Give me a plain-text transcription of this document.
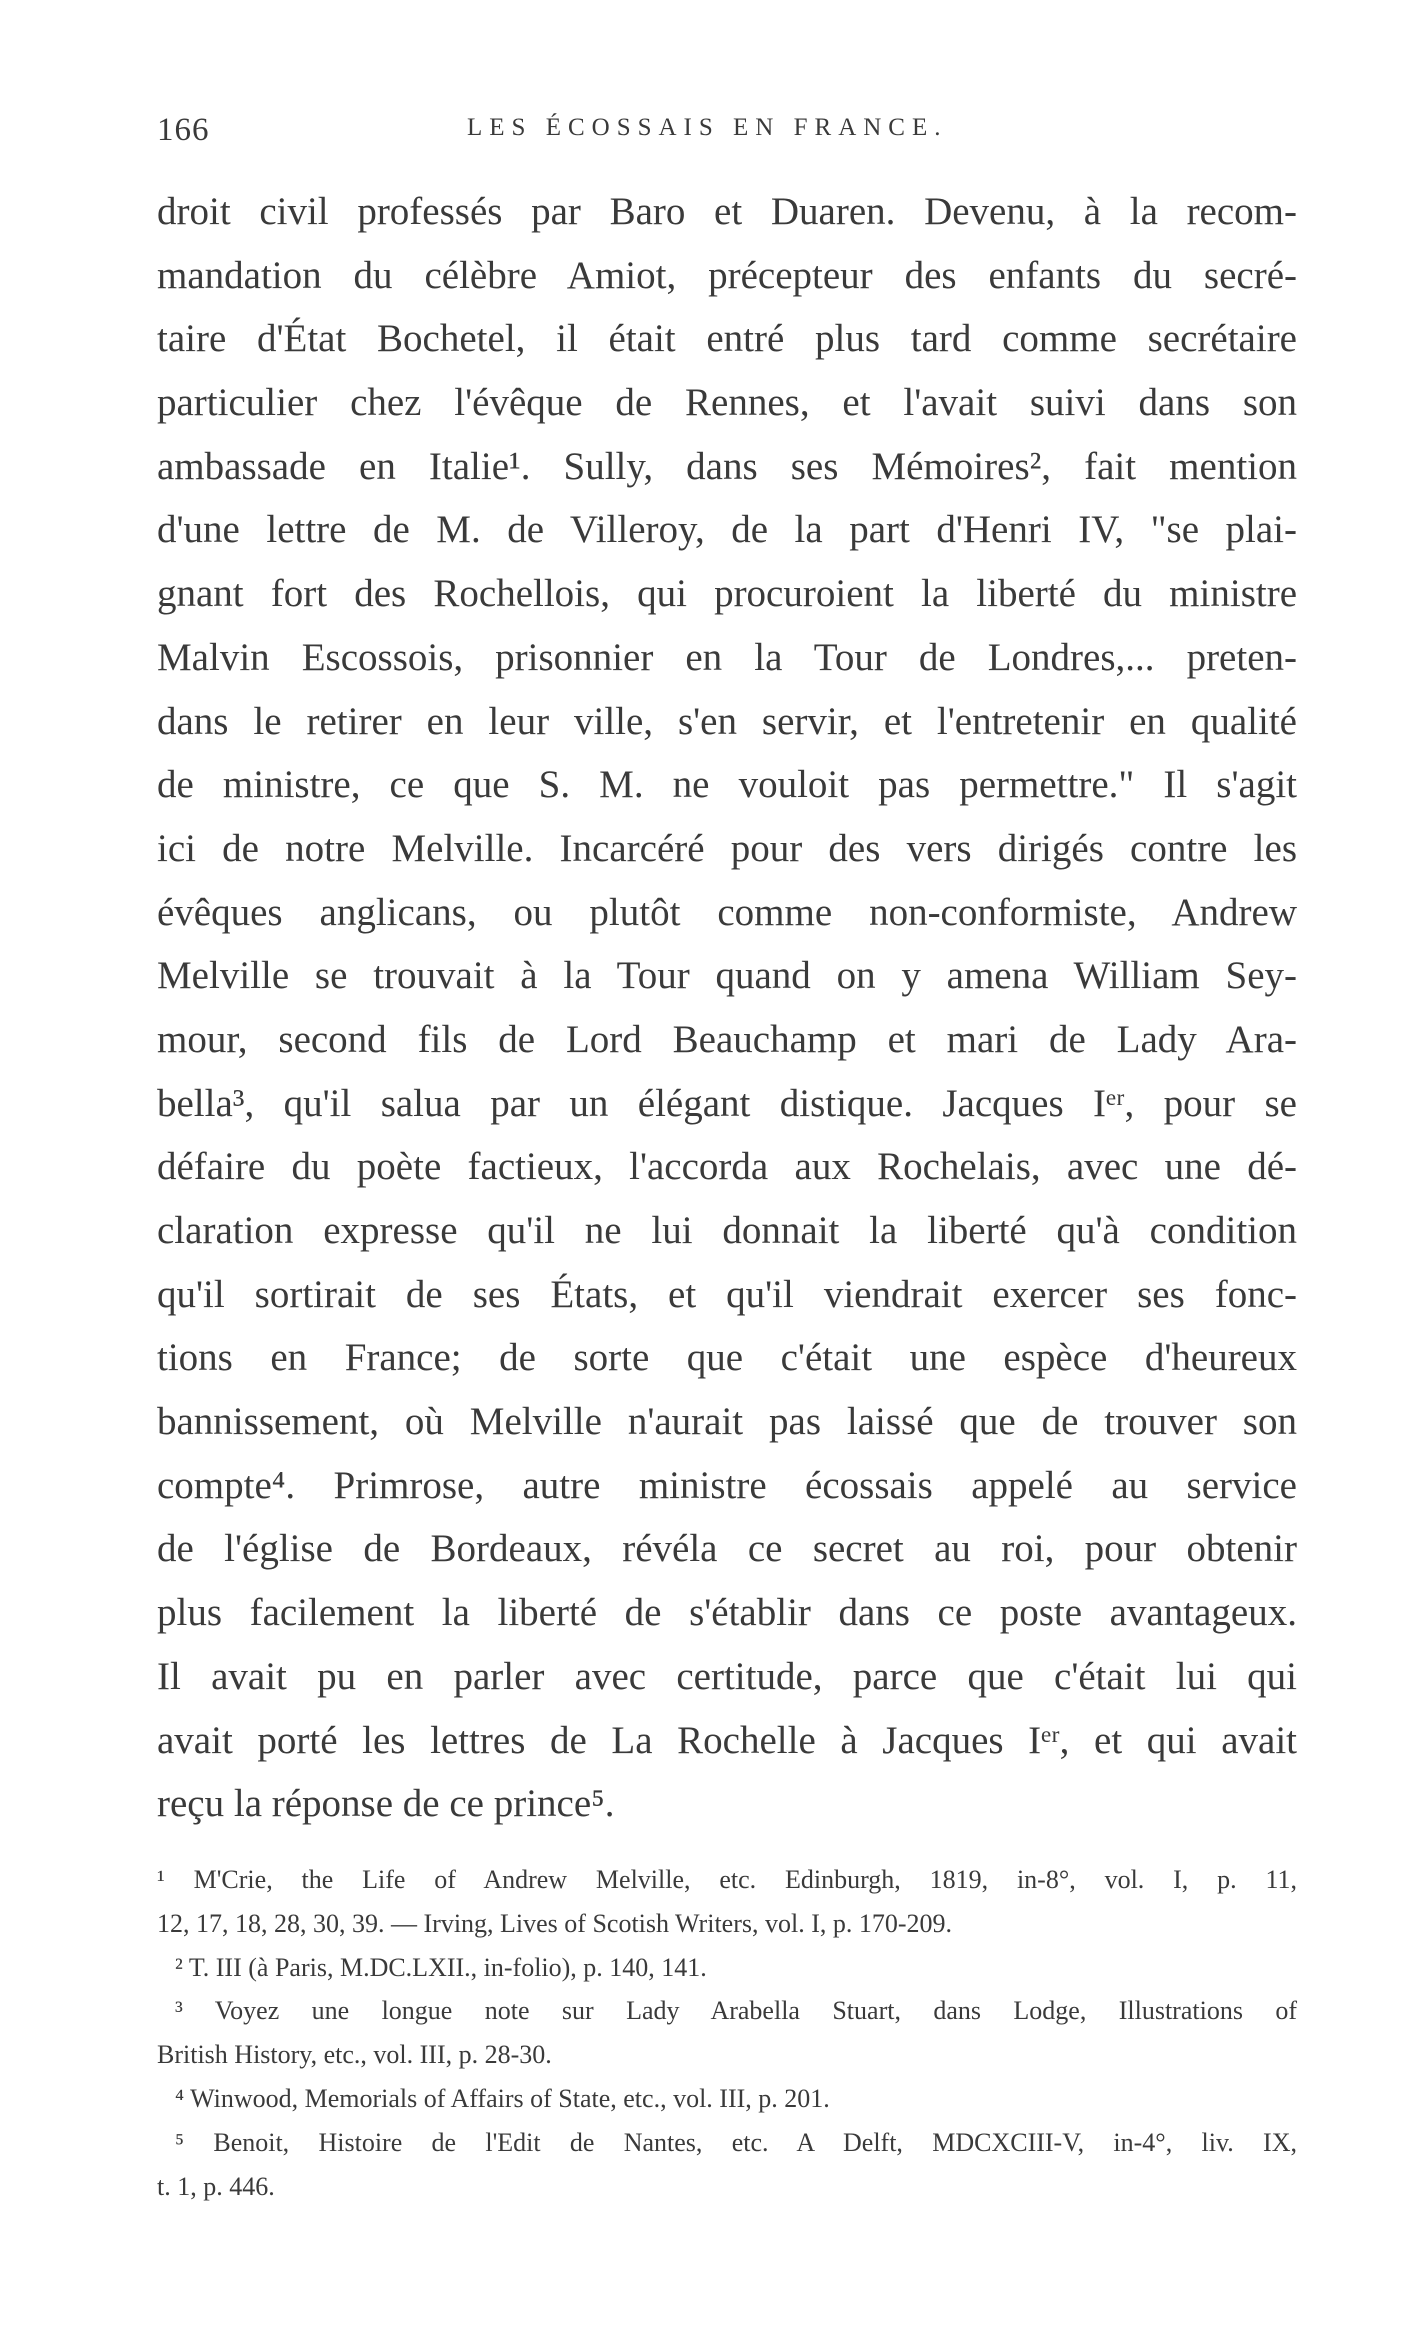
166	LES ÉCOSSAIS EN FRANCE.
droit civil professés par Baro et Duaren. Devenu, à la recom-
mandation du célèbre Amiot, précepteur des enfants du secré-
taire d'État Bochetel, il était entré plus tard comme secrétaire
particulier chez l'évêque de Rennes, et l'avait suivi dans son
ambassade en Italie¹. Sully, dans ses Mémoires², fait mention
d'une lettre de M. de Villeroy, de la part d'Henri IV, "se plai-
gnant fort des Rochellois, qui procuroient la liberté du ministre
Malvin Escossois, prisonnier en la Tour de Londres,... preten-
dans le retirer en leur ville, s'en servir, et l'entretenir en qualité
de ministre, ce que S. M. ne vouloit pas permettre." Il s'agit
ici de notre Melville. Incarcéré pour des vers dirigés contre les
évêques anglicans, ou plutôt comme non-conformiste, Andrew
Melville se trouvait à la Tour quand on y amena William Sey-
mour, second fils de Lord Beauchamp et mari de Lady Ara-
bella³, qu'il salua par un élégant distique. Jacques Iᵉʳ, pour se
défaire du poète factieux, l'accorda aux Rochelais, avec une dé-
claration expresse qu'il ne lui donnait la liberté qu'à condition
qu'il sortirait de ses États, et qu'il viendrait exercer ses fonc-
tions en France; de sorte que c'était une espèce d'heureux
bannissement, où Melville n'aurait pas laissé que de trouver son
compte⁴. Primrose, autre ministre écossais appelé au service
de l'église de Bordeaux, révéla ce secret au roi, pour obtenir
plus facilement la liberté de s'établir dans ce poste avantageux.
Il avait pu en parler avec certitude, parce que c'était lui qui
avait porté les lettres de La Rochelle à Jacques Iᵉʳ, et qui avait
reçu la réponse de ce prince⁵.
¹ M'Crie, the Life of Andrew Melville, etc. Edinburgh, 1819, in-8°, vol. I, p. 11,
12, 17, 18, 28, 30, 39. — Irving, Lives of Scotish Writers, vol. I, p. 170-209.
² T. III (à Paris, M.DC.LXII., in-folio), p. 140, 141.
³ Voyez une longue note sur Lady Arabella Stuart, dans Lodge, Illustrations of
British History, etc., vol. III, p. 28-30.
⁴ Winwood, Memorials of Affairs of State, etc., vol. III, p. 201.
⁵ Benoit, Histoire de l'Edit de Nantes, etc. A Delft, MDCXCIII-V, in-4°, liv. IX,
t. 1, p. 446.
